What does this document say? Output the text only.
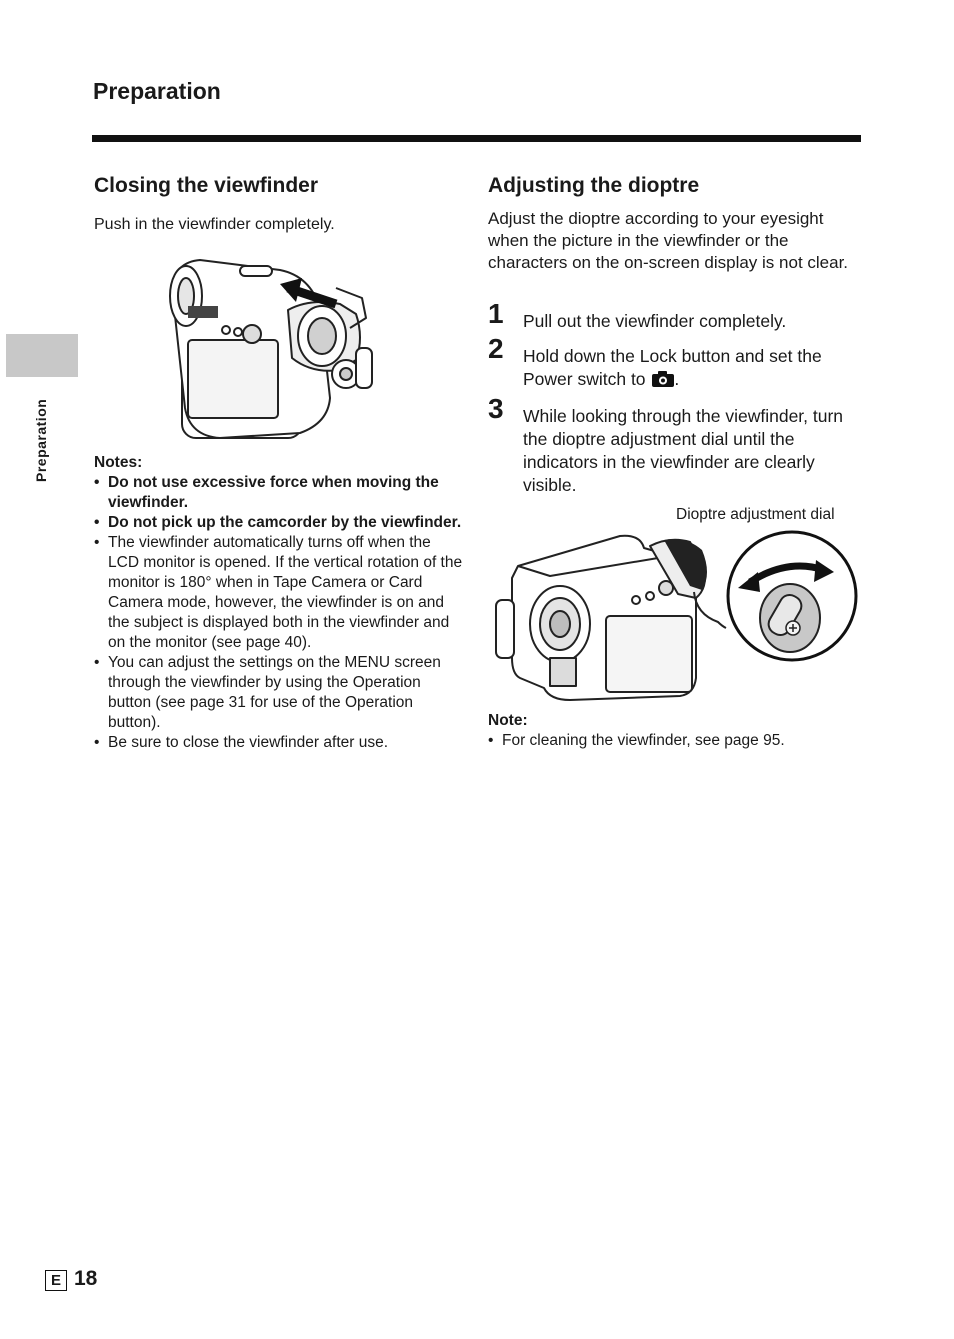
Preparation
Preparation
Closing the viewfinder
Push in the viewfinder completely.
Notes:
• Do not use excessive force when moving the viewfinder.
• Do not pick up the camcorder by the viewfinder.
• The viewfinder automatically turns off when the LCD monitor is opened. If the vertical rotation of the monitor is 180° when in Tape Camera or Card Camera mode, however, the viewfinder is on and the subject is displayed both in the viewfinder and on the monitor (see page 40).
• You can adjust the settings on the MENU screen through the viewfinder by using the Operation button (see page 31 for use of the Operation button).
• Be sure to close the viewfinder after use.
Adjusting the dioptre
Adjust the dioptre according to your eyesight when the picture in the viewfinder or the characters on the on-screen display is not clear.
1 Pull out the viewfinder completely.
2 Hold down the Lock button and set the Power switch to .
3 While looking through the viewfinder, turn the dioptre adjustment dial until the indicators in the viewfinder are clearly visible.
Dioptre adjustment dial
Note:
• For cleaning the viewfinder, see page 95.
E 18
